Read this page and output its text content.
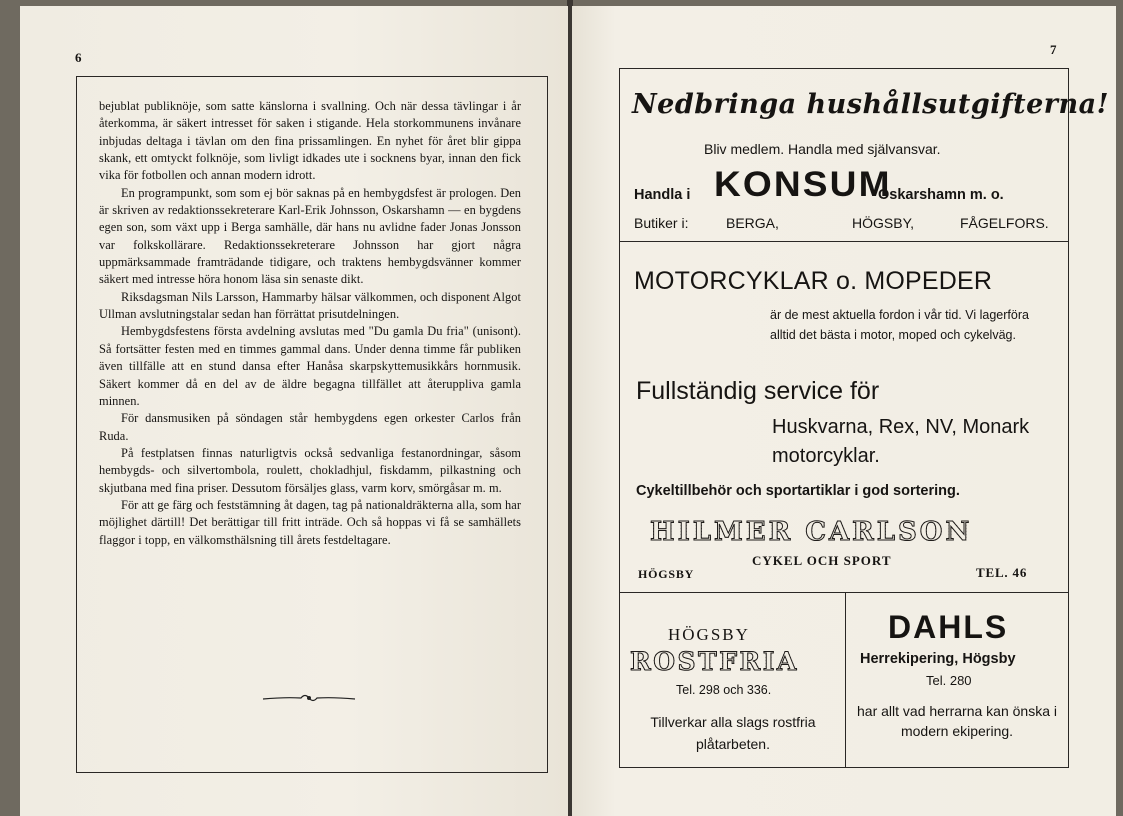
6

bejublat publiknöje, som satte känslorna i svallning. Och när dessa tävlingar i år återkomma, är säkert intresset för saken i stigande. Hela storkommunens invånare inbjudas deltaga i tävlan om den fina prissamlingen. En nyhet för året blir gippa skank, ett omtyckt folknöje, som livligt idkades ute i socknens byar, innan den fick vika för fotbollen och annan modern idrott.

En programpunkt, som som ej bör saknas på en hembygdsfest är prologen. Den är skriven av redaktionssekreterare Karl-Erik Johnsson, Oskarshamn — en bygdens egen son, som växt upp i Berga samhälle, där hans nu avlidne fader Jonas Jonsson var folkskollärare. Redaktionssekreterare Johnsson har gjort några uppmärksammade framträdande tidigare, och traktens hembygdsvänner kommer säkert med intresse höra honom läsa sin senaste dikt.

Riksdagsman Nils Larsson, Hammarby hälsar välkommen, och disponent Algot Ullman avslutningstalar sedan han förrättat prisutdelningen.

Hembygdsfestens första avdelning avslutas med "Du gamla Du fria" (unisont). Så fortsätter festen med en timmes gammal dans. Under denna timme får publiken även tillfälle att en stund dansa efter Hanåsa skarpskyttemusikkårs hornmusik. Säkert kommer då en del av de äldre begagna tillfället att återuppliva gamla minnen.

För dansmusiken på söndagen står hembygdens egen orkester Carlos från Ruda.

På festplatsen finnas naturligtvis också sedvanliga festanordningar, såsom hembygds- och silvertombola, roulett, chokladhjul, fiskdamm, pilkastning och skjutbana med fina priser. Dessutom försäljes glass, varm korv, smörgåsar m. m.

För att ge färg och feststämning åt dagen, tag på nationaldräkterna alla, som har möjlighet därtill! Det berättigar till fritt inträde. Och så hoppas vi få se samhällets flaggor i topp, en välkomsthälsning till årets festdeltagare.

7
Nedbringa hushållsutgifterna!
Bliv medlem. Handla med självansvar.
Handla i KONSUM
Oskarshamn m. o.
Butiker i:	BERGA,	HÖGSBY,	FÅGELFORS.
MOTORCYKLAR o. MOPEDER
är de mest aktuella fordon i vår tid. Vi lagerföra alltid det bästa i motor, moped och cykelväg.
Fullständig service för
Huskvarna, Rex, NV, Monark motorcyklar.
Cykeltillbehör och sportartiklar i god sortering.
HILMER CARLSON
CYKEL OCH SPORT
HÖGSBY	TEL. 46
HÖGSBY
ROSTFRIA
Tel. 298 och 336.
Tillverkar alla slags rostfria plåtarbeten.
DAHLS
Herrekipering, Högsby
Tel. 280
har allt vad herrarna kan önska i modern ekipering.
